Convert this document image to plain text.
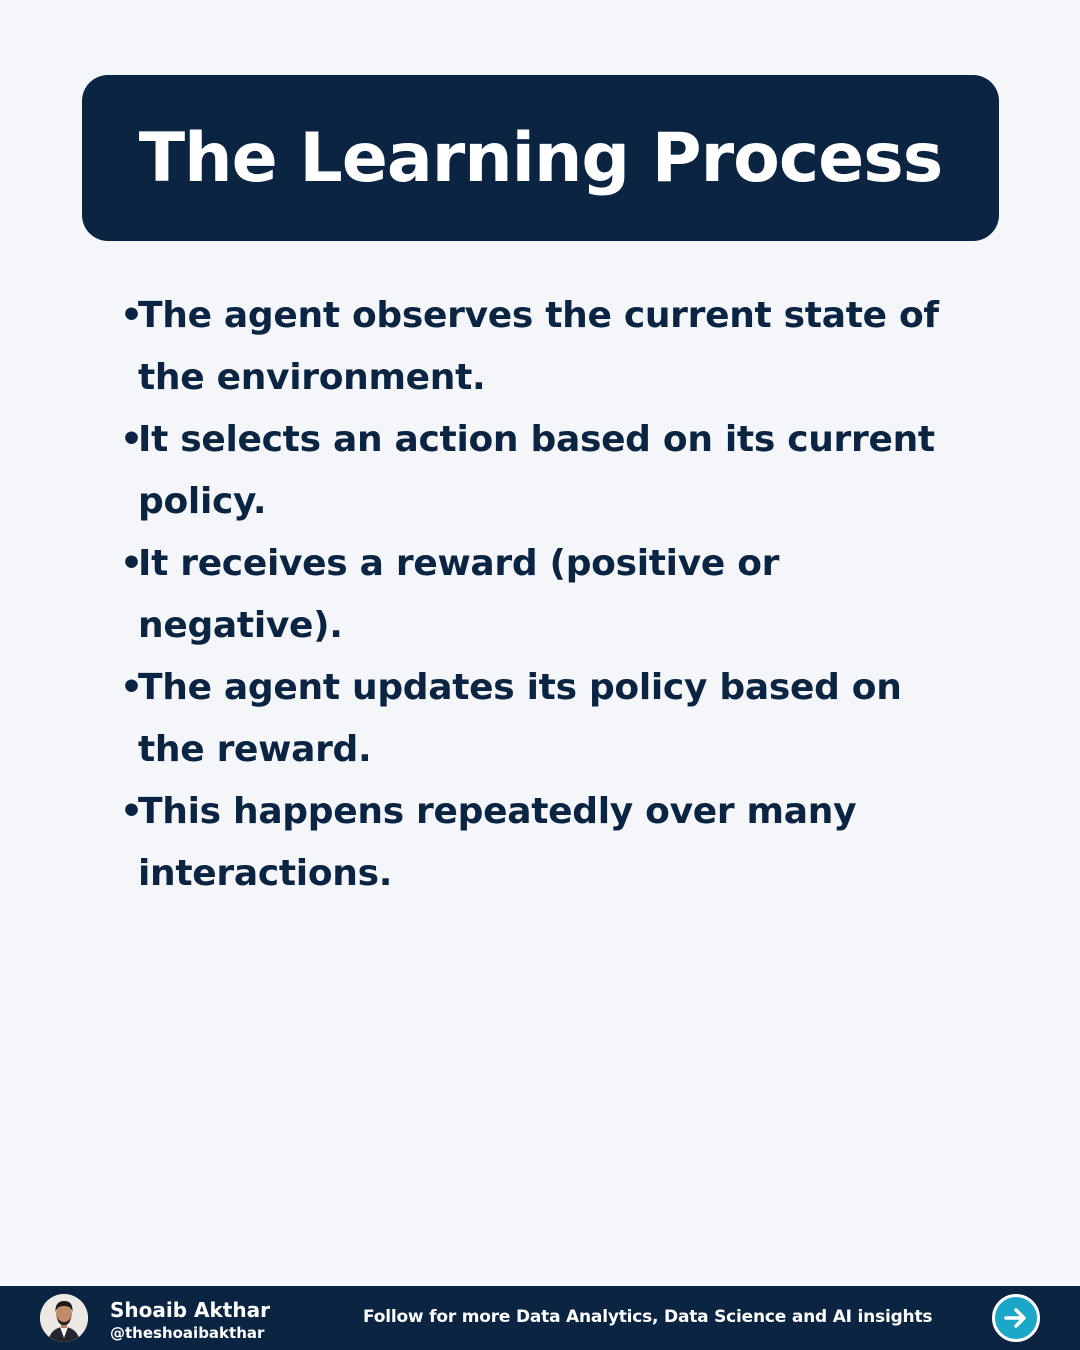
The Learning Process
•
The agent observes the current state of the environment.
•
It selects an action based on its current policy.
•
It receives a reward (positive or negative).
•
The agent updates its policy based on the reward.
•
This happens repeatedly over many interactions.
Shoaib Akthar
@theshoaibakthar
Follow for more Data Analytics, Data Science and AI insights
